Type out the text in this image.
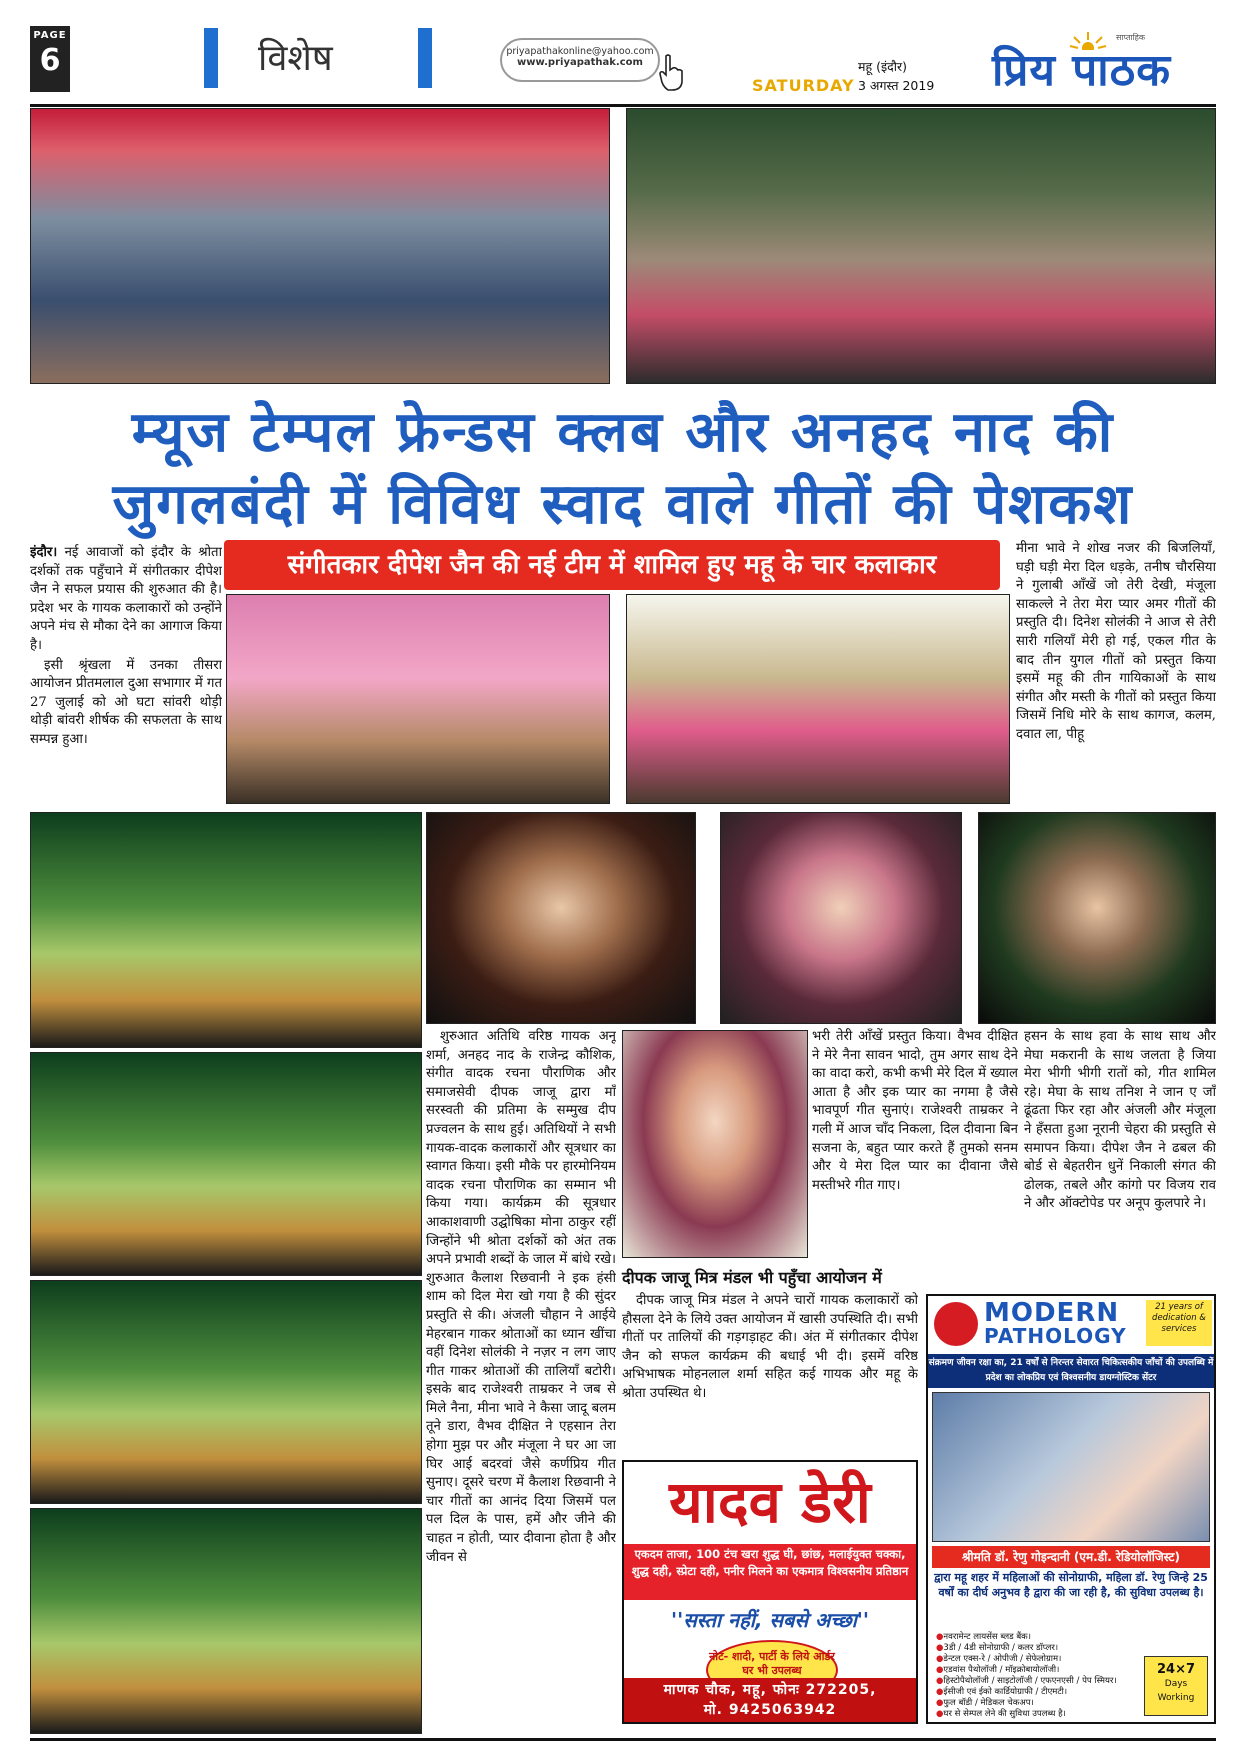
PAGE
6	विशेष	priyapathakonline@yahoo.com
www.priyapathak.com
SATURDAY
महू (इंदौर)
3 अगस्त 2019
साप्ताहिक
प्रिय पाठक
म्यूज टेम्पल फ्रेन्डस क्लब और अनहद नाद की
जुगलबंदी में विविध स्वाद वाले गीतों की पेशकश
संगीतकार दीपेश जैन की नई टीम में शामिल हुए महू के चार कलाकार

इंदौर। नई आवाजों को इंदौर के श्रोता दर्शकों तक पहुँचाने में संगीतकार दीपेश जैन ने सफल प्रयास की शुरुआत की है। प्रदेश भर के गायक कलाकारों को उन्होंने अपने मंच से मौका देने का आगाज किया है।

इसी श्रृंखला में उनका तीसरा आयोजन प्रीतमलाल दुआ सभागार में गत 27 जुलाई को ओ घटा सांवरी थोड़ी थोड़ी बांवरी शीर्षक की सफलता के साथ सम्पन्न हुआ।

मीना भावे ने शोख नजर की बिजलियाँ, घड़ी घड़ी मेरा दिल धड़के, तनीष चौरसिया ने गुलाबी आँखें जो तेरी देखी, मंजूला साकल्ले ने तेरा मेरा प्यार अमर गीतों की प्रस्तुति दी। दिनेश सोलंकी ने आज से तेरी सारी गलियाँ मेरी हो गई, एकल गीत के बाद तीन युगल गीतों को प्रस्तुत किया इसमें महू की तीन गायिकाओं के साथ संगीत और मस्ती के गीतों को प्रस्तुत किया जिसमें निधि मोरे के साथ कागज, कलम, दवात ला, पीहू

शुरुआत अतिथि वरिष्ठ गायक अनू शर्मा, अनहद नाद के राजेन्द्र कौशिक, संगीत वादक रचना पौराणिक और समाजसेवी दीपक जाजू द्वारा माँ सरस्वती की प्रतिमा के सम्मुख दीप प्रज्वलन के साथ हुई। अतिथियों ने सभी गायक-वादक कलाकारों और सूत्रधार का स्वागत किया। इसी मौके पर हारमोनियम वादक रचना पौराणिक का सम्मान भी किया गया। कार्यक्रम की सूत्रधार आकाशवाणी उद्घोषिका मोना ठाकुर रहीं जिन्होंने भी श्रोता दर्शकों को अंत तक अपने प्रभावी शब्दों के जाल में बांधे रखे। शुरुआत कैलाश रिछवानी ने इक हंसी शाम को दिल मेरा खो गया है की सुंदर प्रस्तुति से की। अंजली चौहान ने आईये मेहरबान गाकर श्रोताओं का ध्यान खींचा वहीं दिनेश सोलंकी ने नज़र न लग जाए गीत गाकर श्रोताओं की तालियाँ बटोरी। इसके बाद राजेश्वरी ताम्रकर ने जब से मिले नैना, मीना भावे ने कैसा जादू बलम तूने डारा, वैभव दीक्षित ने एहसान तेरा होगा मुझ पर और मंजूला ने घर आ जा घिर आई बदरवां जैसे कर्णप्रिय गीत सुनाए। दूसरे चरण में कैलाश रिछवानी ने चार गीतों का आनंद दिया जिसमें पल पल दिल के पास, हमें और जीने की चाहत न होती, प्यार दीवाना होता है और जीवन से

भरी तेरी आँखें प्रस्तुत किया। वैभव दीक्षित ने मेरे नैना सावन भादो, तुम अगर साथ देने का वादा करो, कभी कभी मेरे दिल में ख्याल आता है और इक प्यार का नगमा है जैसे भावपूर्ण गीत सुनाएं। राजेश्वरी ताम्रकर ने गली में आज चाँद निकला, दिल दीवाना बिन सजना के, बहुत प्यार करते हैं तुमको सनम और ये मेरा दिल प्यार का दीवाना जैसे मस्तीभरे गीत गाए।

हसन के साथ हवा के साथ साथ और मेघा मकरानी के साथ जलता है जिया मेरा भीगी भीगी रातों को, गीत शामिल रहे। मेघा के साथ तनिश ने जान ए जाँ ढूंढता फिर रहा और अंजली और मंजूला ने हँसता हुआ नूरानी चेहरा की प्रस्तुति से समापन किया। दीपेश जैन ने ढबल की बोर्ड से बेहतरीन धुनें निकाली संगत की ढोलक, तबले और कांगो पर विजय राव ने और ऑक्टोपेड पर अनूप कुलपारे ने।

दीपक जाजू मित्र मंडल भी पहुँचा आयोजन में

दीपक जाजू मित्र मंडल ने अपने चारों गायक कलाकारों को हौसला देने के लिये उक्त आयोजन में खासी उपस्थिति दी। सभी गीतों पर तालियों की गड़गड़ाहट की। अंत में संगीतकार दीपेश जैन को सफल कार्यक्रम की बधाई भी दी। इसमें वरिष्ठ अभिभाषक मोहनलाल शर्मा सहित कई गायक और महू के श्रोता उपस्थित थे।

यादव डेरी
एकदम ताजा, 100 टंच खरा शुद्ध घी, छांछ, मलाईयुक्त चक्का, शुद्ध दही, स्प्रेटा दही, पनीर मिलने का एकमात्र विश्वसनीय प्रतिष्ठान
''सस्ता नहीं, सबसे अच्छा''
नोट- शादी, पार्टी के लिये आर्डर घर भी उपलब्ध
माणक चौक, महू, फोनः 272205,
मो. 9425063942
MODERN
PATHOLOGY
21 years of dedication & services
संक्रमण जीवन रक्षा का, 21 वर्षों से निरन्तर सेवारत चिकित्सकीय जाँचों की उपलब्धि में प्रदेश का लोकप्रिय एवं विश्वसनीय डायग्नोस्टिक सेंटर
श्रीमति डॉ. रेणु गोइन्दानी (एम.डी. रेडियोलॉजिस्ट)
द्वारा महू शहर में महिलाओं की सोनोग्राफी, महिला डॉ. रेणु जिन्हे 25 वर्षों का दीर्घ अनुभव है द्वारा की जा रही है, की सुविधा उपलब्ध है।
● नवरामेन्ट लायसेंस ब्लड बैंक।
● 3डी / 4डी सोनोग्राफी / कलर डॉप्लर।
● डेन्टल एक्स-रे / ओपीजी / सेफेलोग्राम।
● एडवांस पैथोलॉजी / मॉइक्रोबायोलॉजी।
● हिस्टोपैथोलॉजी / साइटोलॉजी / एफएनएसी / पेप स्मियर।
● ईसीजी एवं ईको कार्डियोग्राफी / टीएमटी।
● फुल बॉडी / मेडिकल चेकअप।
● घर से सेम्पल लेने की सुविधा उपलब्ध है।
24×7
Days Working
